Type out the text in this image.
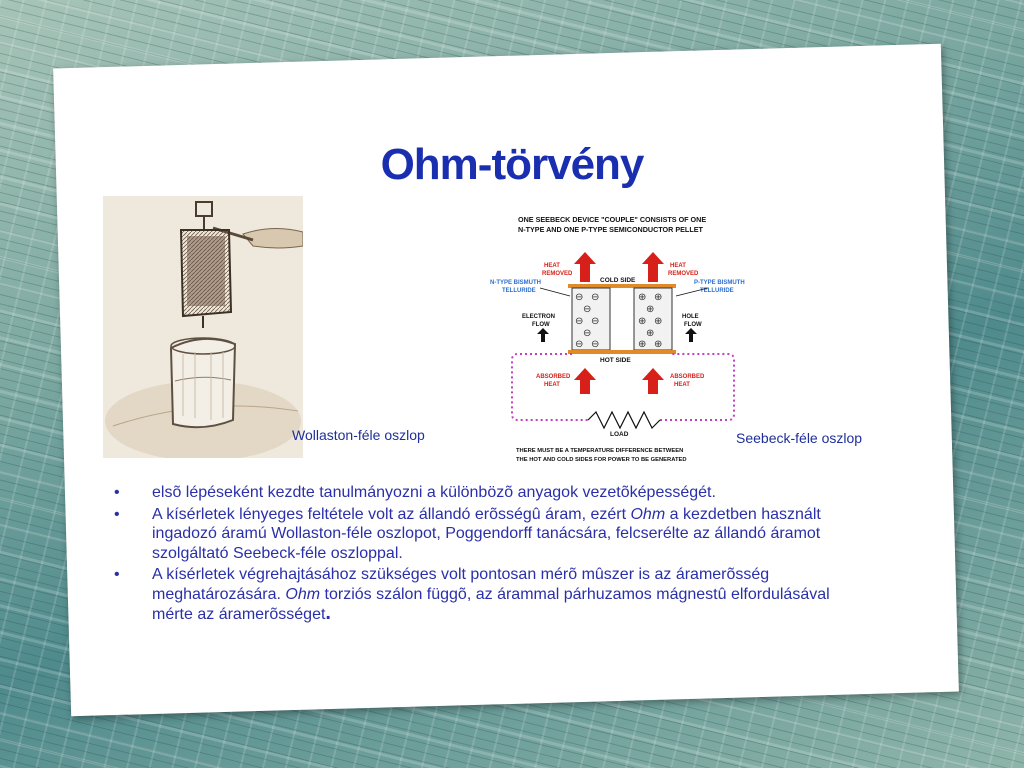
Ohm-törvény
Wollaston-féle oszlop
ONE SEEBECK DEVICE "COUPLE" CONSISTS OF ONE
N-TYPE AND ONE P-TYPE SEMICONDUCTOR PELLET
HEAT
REMOVED
HEAT
REMOVED
COLD SIDE
N-TYPE BISMUTH
TELLURIDE
P-TYPE BISMUTH
TELLURIDE
⊖ ⊖
⊖
⊖ ⊖
⊖
⊖ ⊖
⊕ ⊕
⊕
⊕ ⊕
⊕
⊕ ⊕
ELECTRON
FLOW
HOLE
FLOW
HOT SIDE
LOAD
ABSORBED
HEAT
ABSORBED
HEAT
THERE MUST BE A TEMPERATURE DIFFERENCE BETWEEN
THE HOT AND COLD SIDES FOR POWER TO BE GENERATED
Seebeck-féle oszlop
• elsõ lépéseként kezdte tanulmányozni a különbözõ anyagok vezetõképességét.
• A kísérletek lényeges feltétele volt az állandó erõsségû áram, ezért Ohm a kezdetben használt ingadozó áramú Wollaston-féle oszlopot, Poggendorff tanácsára, felcserélte az állandó áramot szolgáltató Seebeck-féle oszloppal.
• A kísérletek végrehajtásához szükséges volt pontosan mérõ mûszer is az áramerõsség meghatározására. Ohm torziós szálon függõ, az árammal párhuzamos mágnestû elfordulásával mérte az áramerõsséget.
